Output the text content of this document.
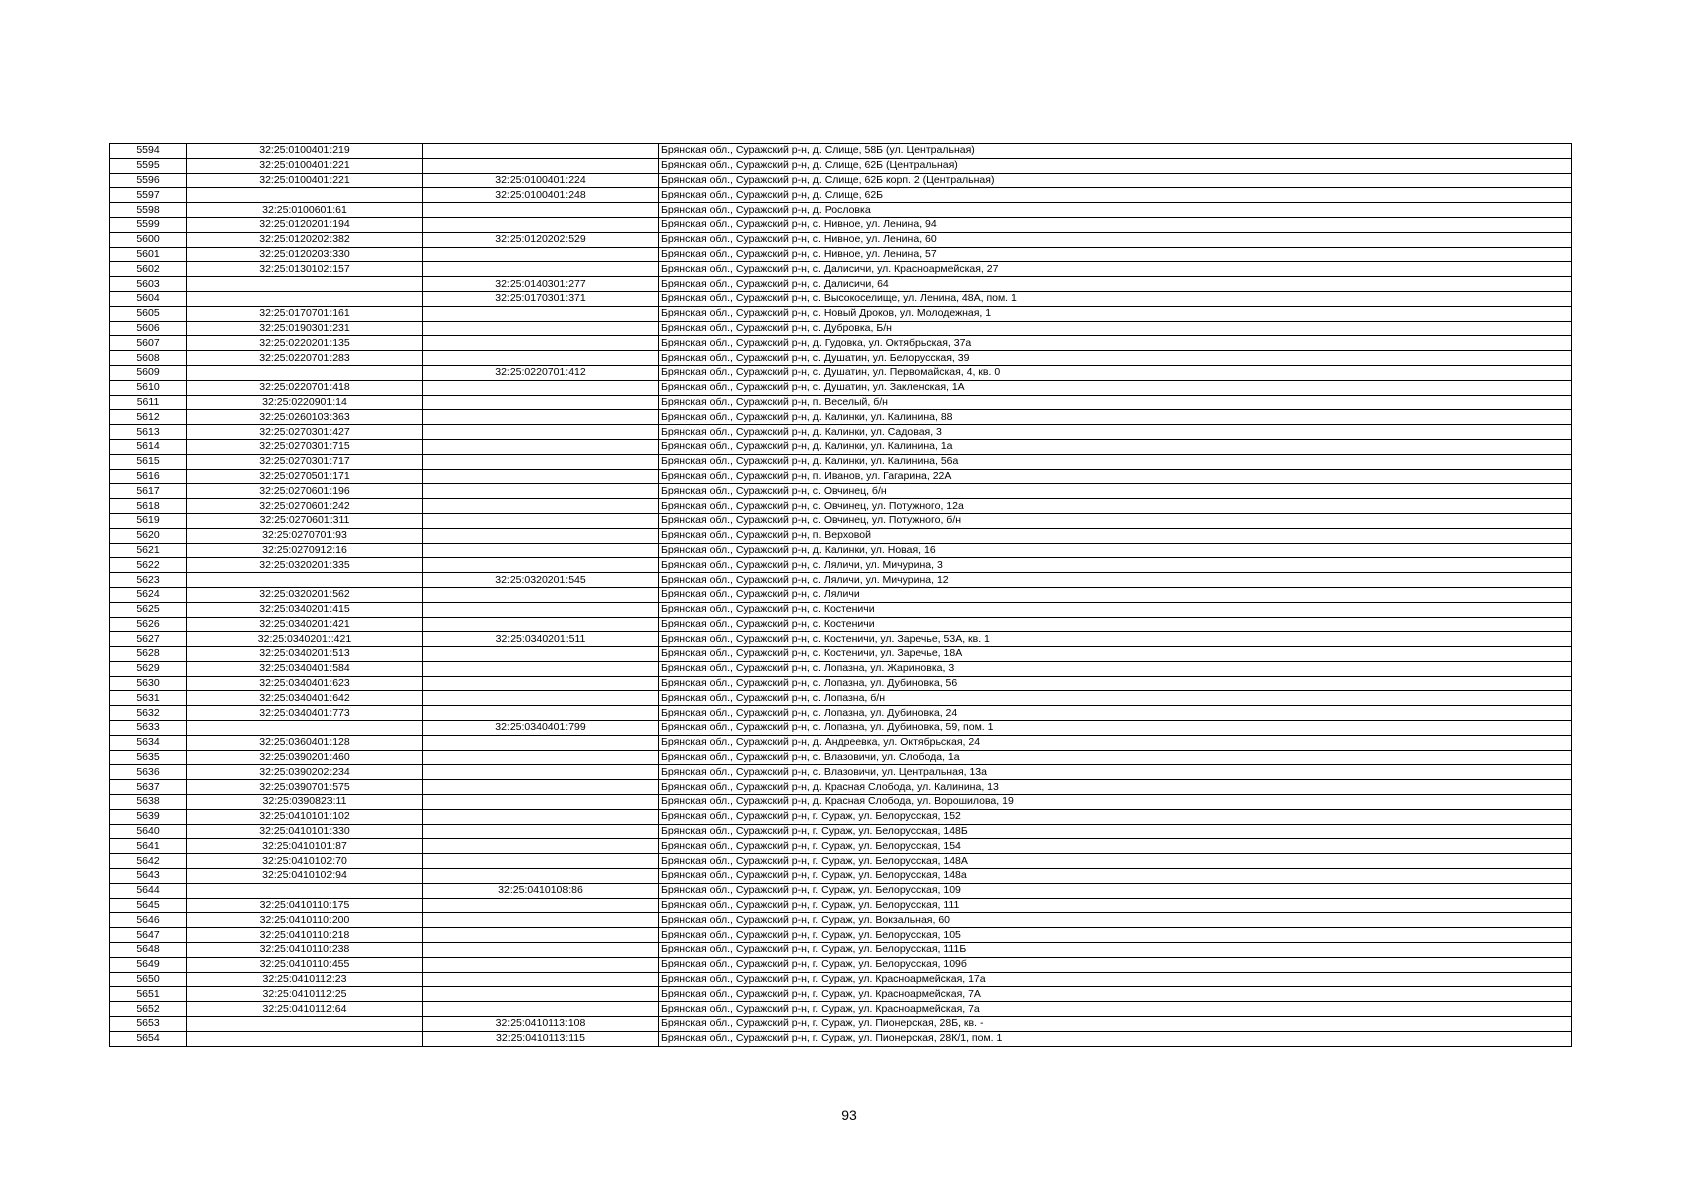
5594	32:25:0100401:219		Брянская обл., Суражский р-н, д. Слище, 58Б (ул. Центральная)
5595	32:25:0100401:221		Брянская обл., Суражский р-н, д. Слище, 62Б (Центральная)
5596	32:25:0100401:221	32:25:0100401:224	Брянская обл., Суражский р-н, д. Слище, 62Б корп. 2 (Центральная)
5597		32:25:0100401:248	Брянская обл., Суражский р-н, д. Слище, 62Б
5598	32:25:0100601:61		Брянская обл., Суражский р-н, д. Рословка
5599	32:25:0120201:194		Брянская обл., Суражский р-н, с. Нивное, ул. Ленина, 94
5600	32:25:0120202:382	32:25:0120202:529	Брянская обл., Суражский р-н, с. Нивное, ул. Ленина, 60
5601	32:25:0120203:330		Брянская обл., Суражский р-н, с. Нивное, ул. Ленина, 57
5602	32:25:0130102:157		Брянская обл., Суражский р-н, с. Далисичи, ул. Красноармейская, 27
5603		32:25:0140301:277	Брянская обл., Суражский р-н, с. Далисичи, 64
5604		32:25:0170301:371	Брянская обл., Суражский р-н, с. Высокоселище, ул. Ленина, 48А, пом. 1
5605	32:25:0170701:161		Брянская обл., Суражский р-н, с. Новый Дроков, ул. Молодежная, 1
5606	32:25:0190301:231		Брянская обл., Суражский р-н, с. Дубровка, Б/н
5607	32:25:0220201:135		Брянская обл., Суражский р-н, д. Гудовка, ул. Октябрьская, 37а
5608	32:25:0220701:283		Брянская обл., Суражский р-н, с. Душатин, ул. Белорусская, 39
5609		32:25:0220701:412	Брянская обл., Суражский р-н, с. Душатин, ул. Первомайская, 4, кв. 0
5610	32:25:0220701:418		Брянская обл., Суражский р-н, с. Душатин, ул. Закленская, 1А
5611	32:25:0220901:14		Брянская обл., Суражский р-н, п. Веселый, б/н
5612	32:25:0260103:363		Брянская обл., Суражский р-н, д. Калинки, ул. Калинина, 88
5613	32:25:0270301:427		Брянская обл., Суражский р-н, д. Калинки, ул. Садовая, 3
5614	32:25:0270301:715		Брянская обл., Суражский р-н, д. Калинки, ул. Калинина, 1а
5615	32:25:0270301:717		Брянская обл., Суражский р-н, д. Калинки, ул. Калинина, 56а
5616	32:25:0270501:171		Брянская обл., Суражский р-н, п. Иванов, ул. Гагарина, 22А
5617	32:25:0270601:196		Брянская обл., Суражский р-н, с. Овчинец, б/н
5618	32:25:0270601:242		Брянская обл., Суражский р-н, с. Овчинец, ул. Потужного, 12а
5619	32:25:0270601:311		Брянская обл., Суражский р-н, с. Овчинец, ул. Потужного, б/н
5620	32:25:0270701:93		Брянская обл., Суражский р-н, п. Верховой
5621	32:25:0270912:16		Брянская обл., Суражский р-н, д. Калинки, ул. Новая, 16
5622	32:25:0320201:335		Брянская обл., Суражский р-н, с. Ляличи, ул. Мичурина, 3
5623		32:25:0320201:545	Брянская обл., Суражский р-н, с. Ляличи, ул. Мичурина, 12
5624	32:25:0320201:562		Брянская обл., Суражский р-н, с. Ляличи
5625	32:25:0340201:415		Брянская обл., Суражский р-н, с. Костеничи
5626	32:25:0340201:421		Брянская обл., Суражский р-н, с. Костеничи
5627	32:25:0340201::421	32:25:0340201:511	Брянская обл., Суражский р-н, с. Костеничи, ул. Заречье, 53А, кв. 1
5628	32:25:0340201:513		Брянская обл., Суражский р-н, с. Костеничи, ул. Заречье, 18А
5629	32:25:0340401:584		Брянская обл., Суражский р-н, с. Лопазна, ул. Жариновка, 3
5630	32:25:0340401:623		Брянская обл., Суражский р-н, с. Лопазна, ул. Дубиновка, 56
5631	32:25:0340401:642		Брянская обл., Суражский р-н, с. Лопазна, б/н
5632	32:25:0340401:773		Брянская обл., Суражский р-н, с. Лопазна, ул. Дубиновка, 24
5633		32:25:0340401:799	Брянская обл., Суражский р-н, с. Лопазна, ул. Дубиновка, 59, пом. 1
5634	32:25:0360401:128		Брянская обл., Суражский р-н, д. Андреевка, ул. Октябрьская, 24
5635	32:25:0390201:460		Брянская обл., Суражский р-н, с. Влазовичи, ул. Слобода, 1а
5636	32:25:0390202:234		Брянская обл., Суражский р-н, с. Влазовичи, ул. Центральная, 13а
5637	32:25:0390701:575		Брянская обл., Суражский р-н, д. Красная Слобода, ул. Калинина, 13
5638	32:25:0390823:11		Брянская обл., Суражский р-н, д. Красная Слобода, ул. Ворошилова, 19
5639	32:25:0410101:102		Брянская обл., Суражский р-н, г. Сураж, ул. Белорусская, 152
5640	32:25:0410101:330		Брянская обл., Суражский р-н, г. Сураж, ул. Белорусская, 148Б
5641	32:25:0410101:87		Брянская обл., Суражский р-н, г. Сураж, ул. Белорусская, 154
5642	32:25:0410102:70		Брянская обл., Суражский р-н, г. Сураж, ул. Белорусская, 148А
5643	32:25:0410102:94		Брянская обл., Суражский р-н, г. Сураж, ул. Белорусская, 148а
5644		32:25:0410108:86	Брянская обл., Суражский р-н, г. Сураж, ул. Белорусская, 109
5645	32:25:0410110:175		Брянская обл., Суражский р-н, г. Сураж, ул. Белорусская, 111
5646	32:25:0410110:200		Брянская обл., Суражский р-н, г. Сураж, ул. Вокзальная, 60
5647	32:25:0410110:218		Брянская обл., Суражский р-н, г. Сураж, ул. Белорусская, 105
5648	32:25:0410110:238		Брянская обл., Суражский р-н, г. Сураж, ул. Белорусская, 111Б
5649	32:25:0410110:455		Брянская обл., Суражский р-н, г. Сураж, ул. Белорусская, 109б
5650	32:25:0410112:23		Брянская обл., Суражский р-н, г. Сураж, ул. Красноармейская, 17а
5651	32:25:0410112:25		Брянская обл., Суражский р-н, г. Сураж, ул. Красноармейская, 7А
5652	32:25:0410112:64		Брянская обл., Суражский р-н, г. Сураж, ул. Красноармейская, 7а
5653		32:25:0410113:108	Брянская обл., Суражский р-н, г. Сураж, ул. Пионерская, 28Б, кв. -
5654		32:25:0410113:115	Брянская обл., Суражский р-н, г. Сураж, ул. Пионерская, 28К/1, пом. 1
93
